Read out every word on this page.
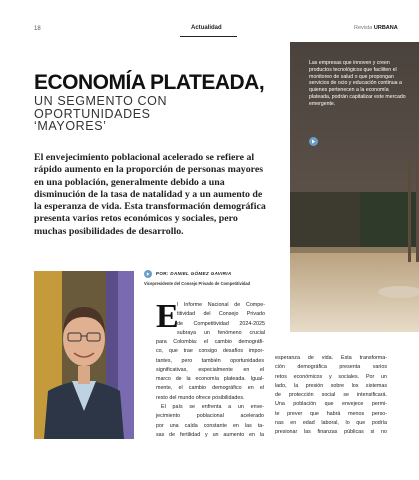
18	Actualidad	Revista URBANA
ECONOMÍA PLATEADA,
UN SEGMENTO CON
OPORTUNIDADES
‘MAYORES’
El envejecimiento poblacional acelerado se refiere al rápido aumento en la proporción de personas mayores en una población, generalmente debido a una disminución de la tasa de natalidad y a un aumento de la esperanza de vida. Esta transformación demográfica presenta varios retos económicos y sociales, pero muchas posibilidades de desarrollo.
Las empresas que innoven y creen productos tecnológicos que faciliten el monitoreo de salud o que propongan servicios de ocio y educación continua a quienes pertenecen a la economía plateada, podrán capitalizar este mercado emergente.
POR: DANIEL GÓMEZ GAVIRIA
Vicepresidente del Consejo Privado de Competitividad
E
l Informe Nacional de Compe-
titividad del Consejo Privado
de Competitividad 2024-2025
subraya un fenómeno crucial
para Colombia: el cambio demográfi-
co, que trae consigo desafíos impor-
tantes, pero también oportunidades
significativas, especialmente en el
marco de la economía plateada. Igual-
mente, el cambio demográfico en el
resto del mundo ofrece posibilidades.
El país se enfrenta a un enve-
jecimiento poblacional acelerado
por una caída constante en las ta-
sas de fertilidad y un aumento en la
esperanza de vida. Esta transforma-
ción demográfica presenta varios
retos económicos y sociales. Por un
lado, la presión sobre los sistemas
de protección social se intensificará.
Una población que envejece permi-
te prever que habrá menos perso-
nas en edad laboral, lo que podría
presionar las finanzas públicas si no
